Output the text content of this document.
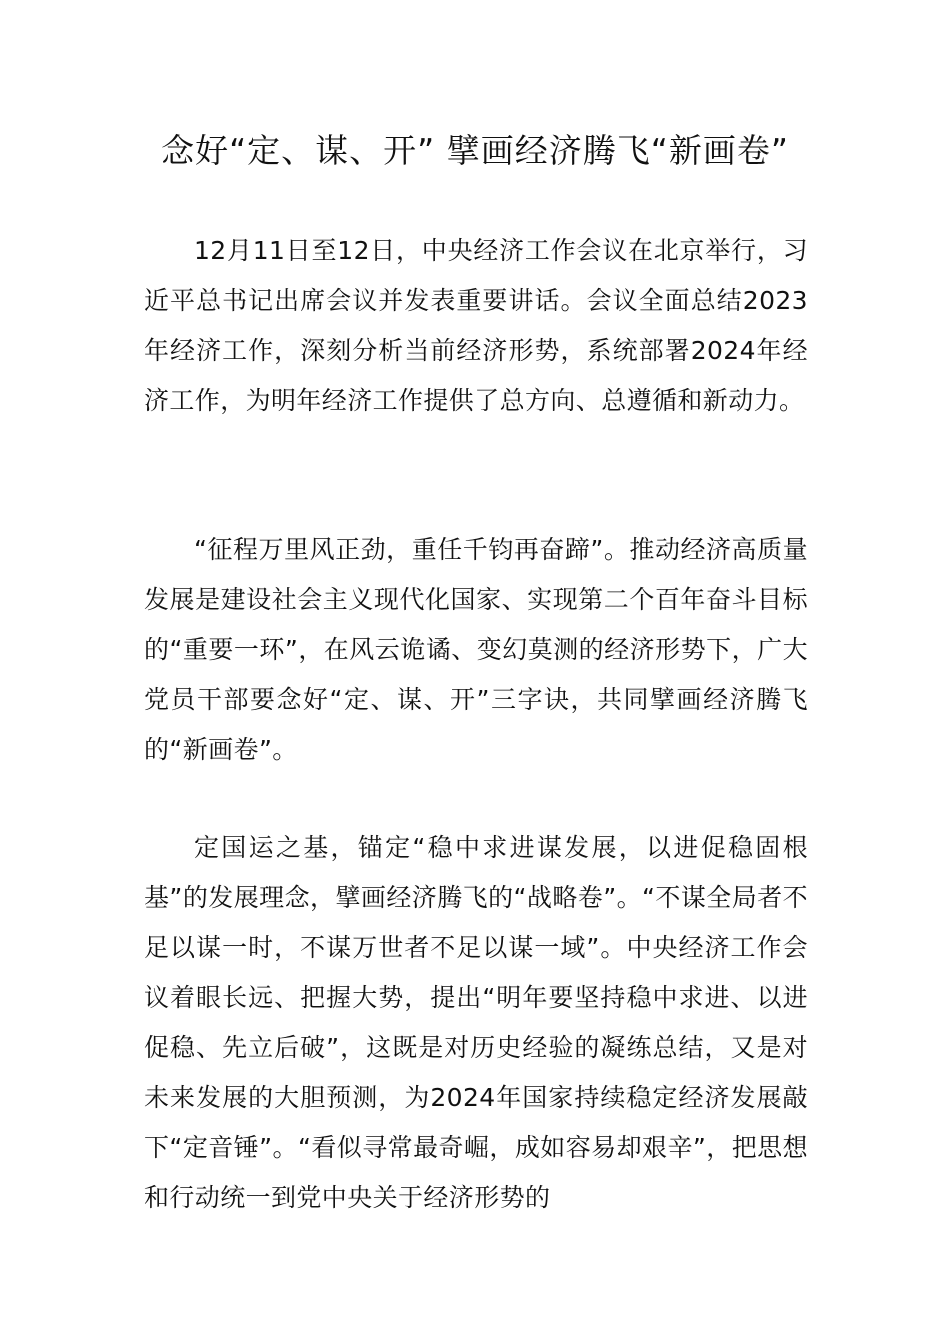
念好“定、谋、开” 擘画经济腾飞“新画卷”

12月11日至12日，中央经济工作会议在北京举行，习近平总书记出席会议并发表重要讲话。会议全面总结2023年经济工作，深刻分析当前经济形势，系统部署2024年经济工作，为明年经济工作提供了总方向、总遵循和新动力。

“征程万里风正劲，重任千钧再奋蹄”。推动经济高质量发展是建设社会主义现代化国家、实现第二个百年奋斗目标的“重要一环”，在风云诡谲、变幻莫测的经济形势下，广大党员干部要念好“定、谋、开”三字诀，共同擘画经济腾飞的“新画卷”。

定国运之基，锚定“稳中求进谋发展，以进促稳固根基”的发展理念，擘画经济腾飞的“战略卷”。“不谋全局者不足以谋一时，不谋万世者不足以谋一域”。中央经济工作会议着眼长远、把握大势，提出“明年要坚持稳中求进、以进促稳、先立后破”，这既是对历史经验的凝练总结，又是对未来发展的大胆预测，为2024年国家持续稳定经济发展敲下“定音锤”。“看似寻常最奇崛，成如容易却艰辛”，把思想和行动统一到党中央关于经济形势的
